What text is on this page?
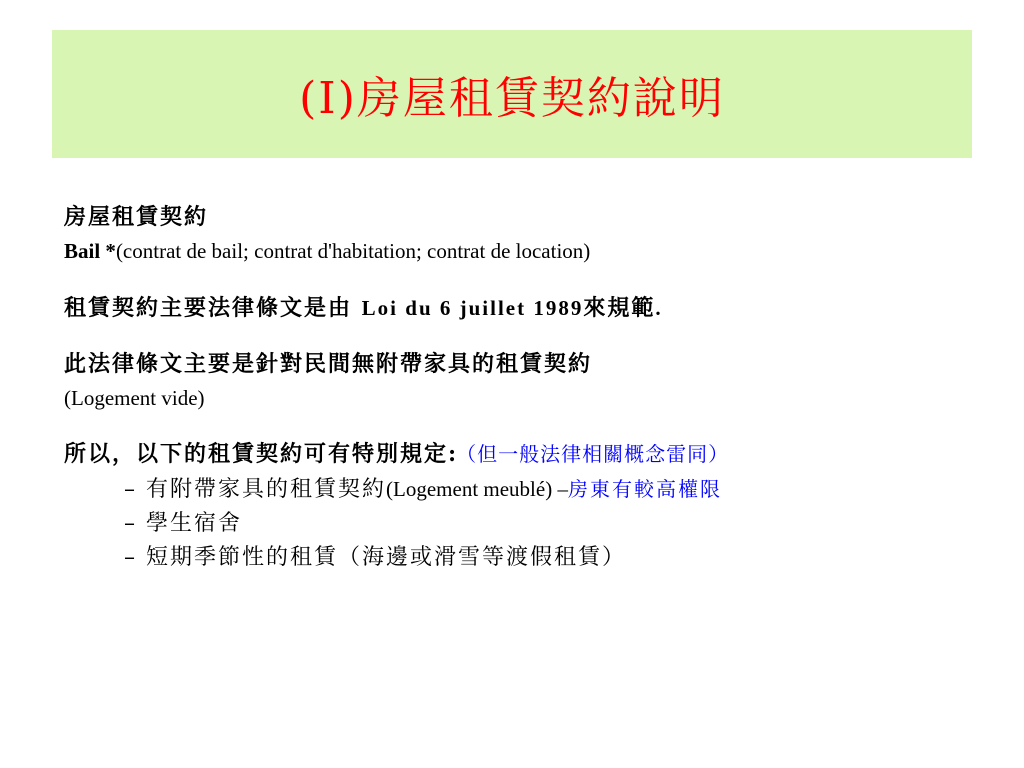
(I)房屋租賃契約說明
房屋租賃契約
Bail *(contrat de bail; contrat d'habitation; contrat de location)
租賃契約主要法律條文是由 Loi du 6 juillet 1989來規範.
此法律條文主要是針對民間無附帶家具的租賃契約
(Logement vide)
所以，以下的租賃契約可有特別規定:（但一般法律相關概念雷同）
– 有附帶家具的租賃契約(Logement meublé) –房東有較高權限
– 學生宿舍
– 短期季節性的租賃（海邊或滑雪等渡假租賃）
